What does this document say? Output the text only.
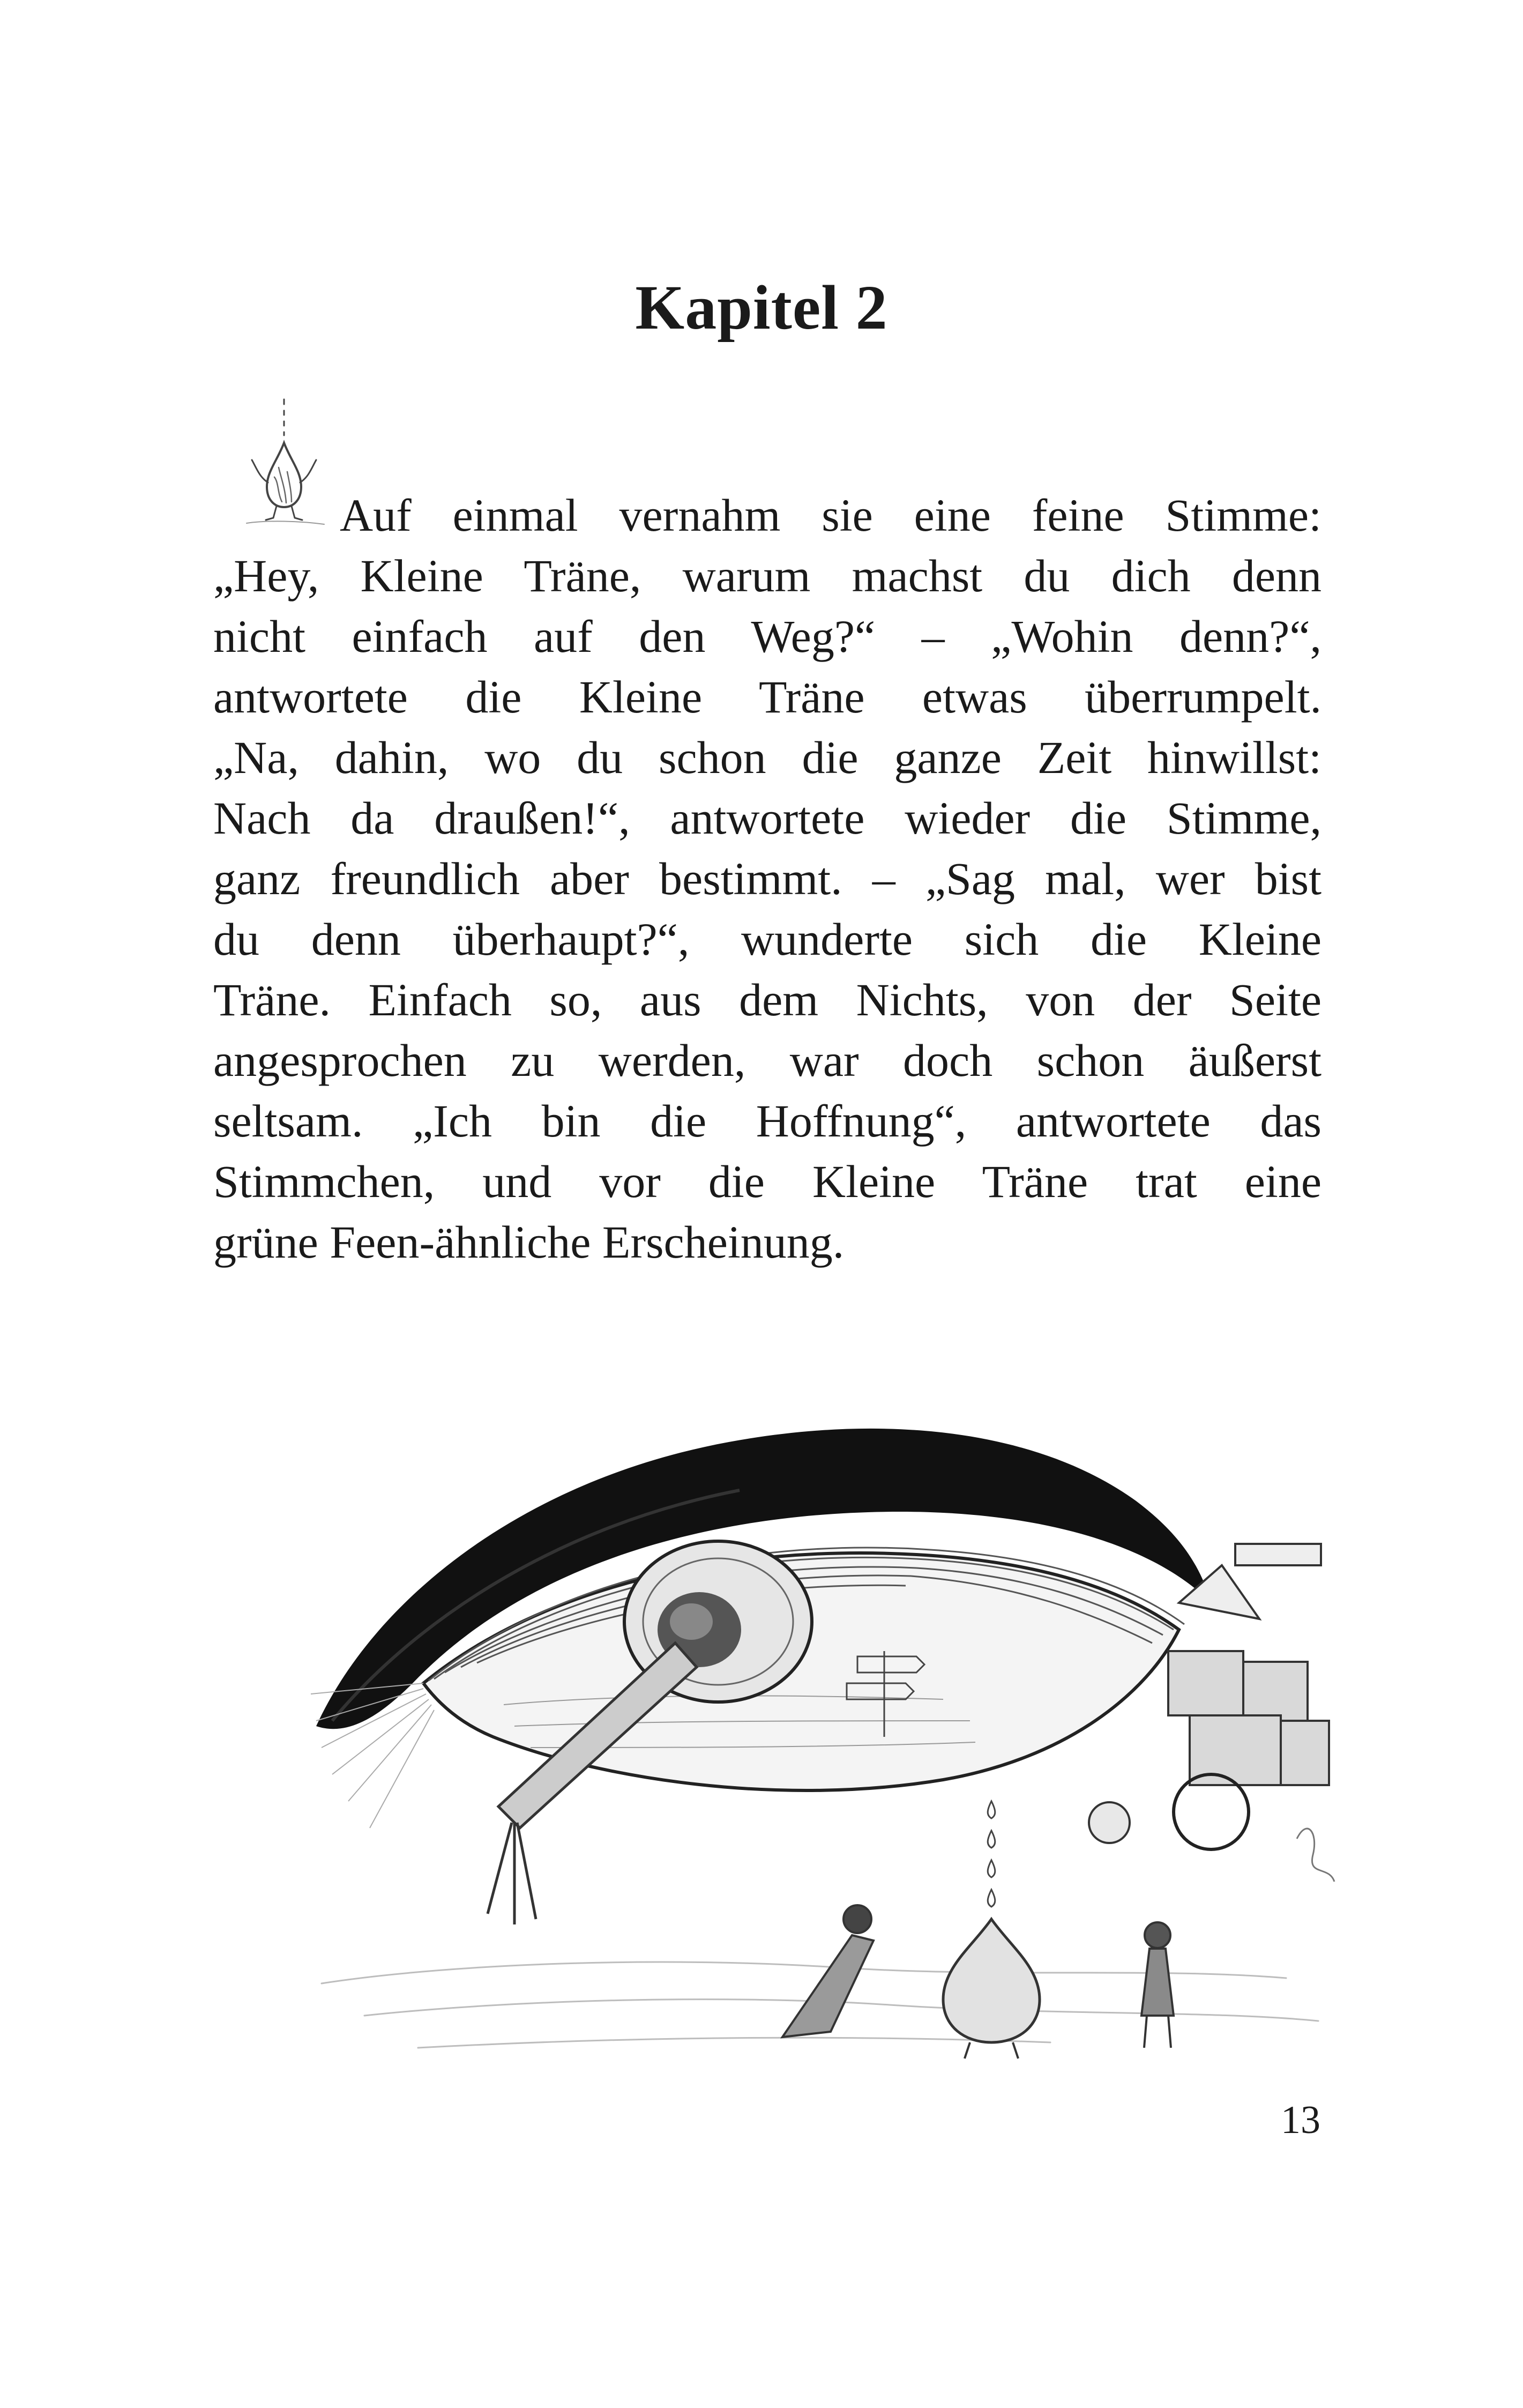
Kapitel 2
Auf einmal vernahm sie eine feine Stimme:
„Hey, Kleine Träne, warum machst du dich denn
nicht einfach auf den Weg?“ – „Wohin denn?“,
antwortete die Kleine Träne etwas überrumpelt.
„Na, dahin, wo du schon die ganze Zeit hinwillst:
Nach da draußen!“, antwortete wieder die Stimme,
ganz freundlich aber bestimmt. – „Sag mal, wer bist
du denn überhaupt?“, wunderte sich die Kleine
Träne. Einfach so, aus dem Nichts, von der Seite
angesprochen zu werden, war doch schon äußerst
seltsam. „Ich bin die Hoffnung“, antwortete das
Stimmchen, und vor die Kleine Träne trat eine
grüne Feen-ähnliche Erscheinung.
13
